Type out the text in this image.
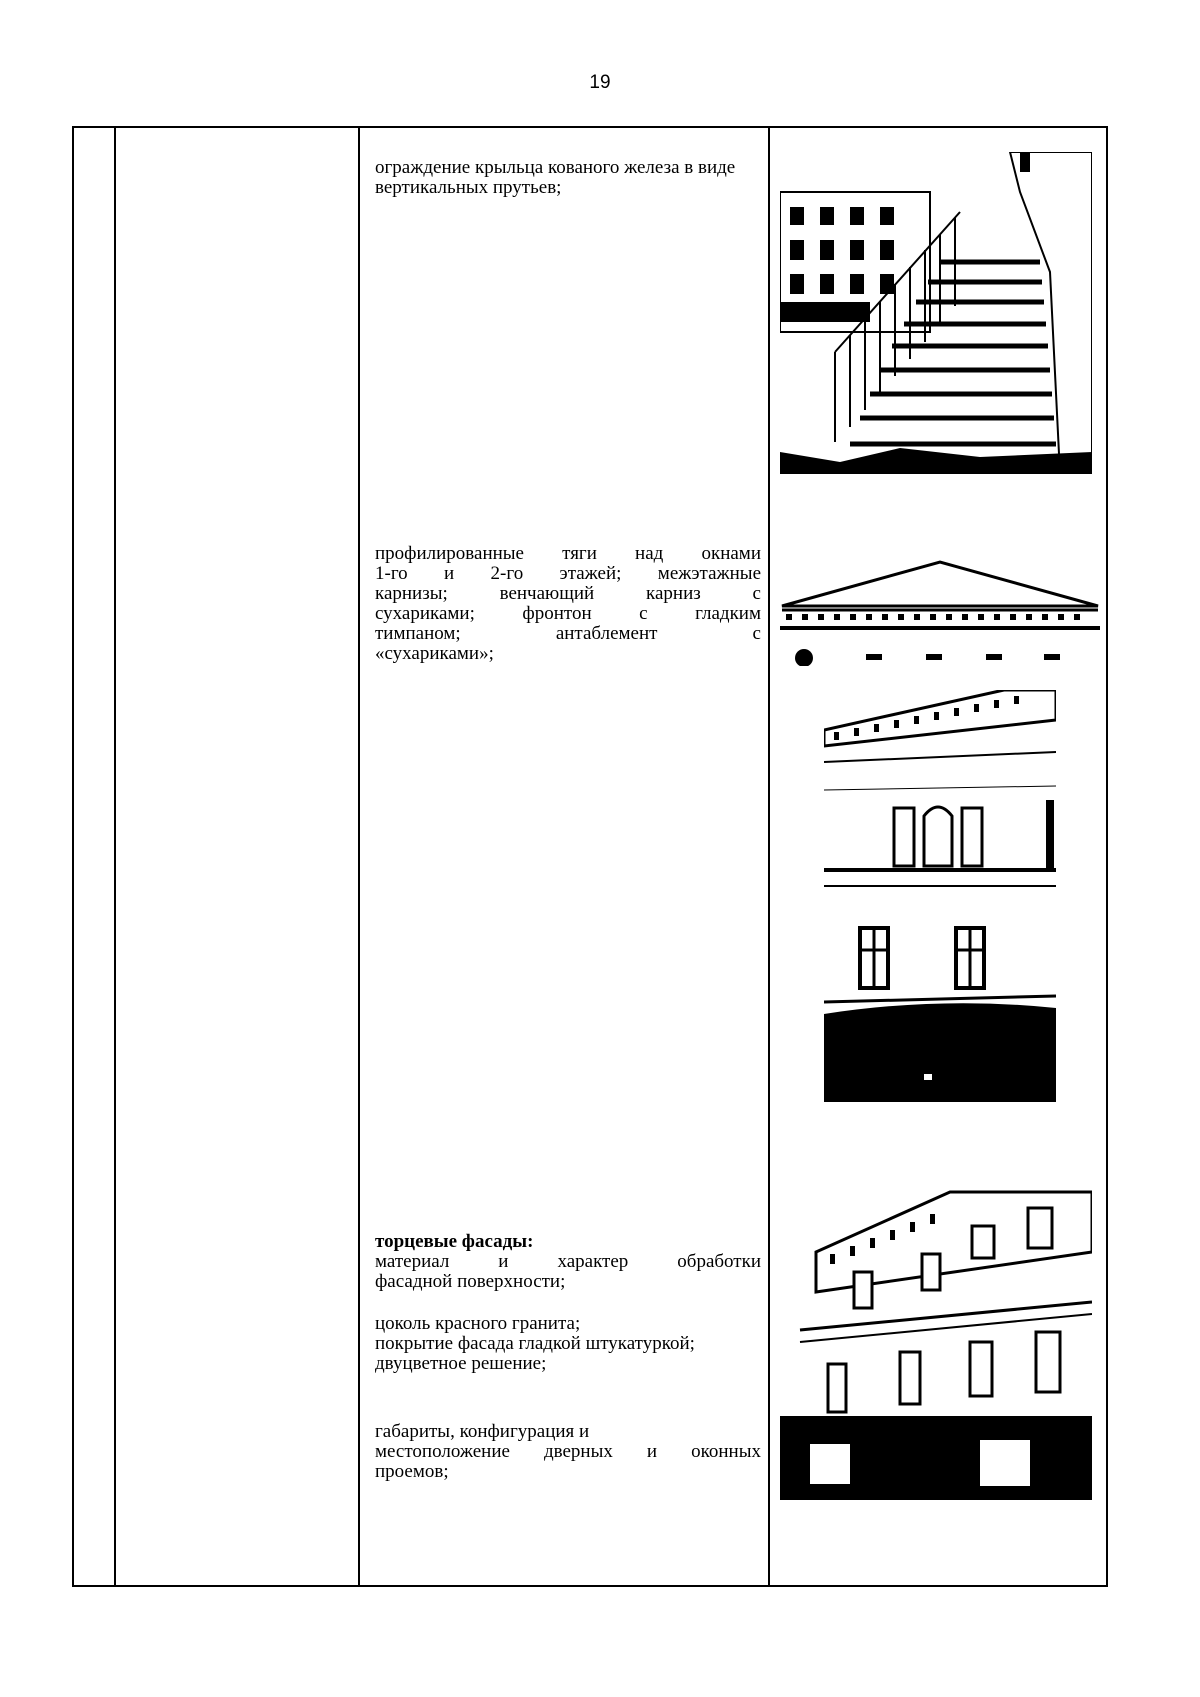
19

ограждение крыльца кованого железа в виде вертикальных прутьев;

профилированные тяги над окнами

1-го и 2-го этажей; межэтажные

карнизы; венчающий карниз с

сухариками; фронтон с гладким

тимпаном; антаблемент с

«сухариками»;

торцевые фасады:

материал и характер обработки

фасадной поверхности;

цоколь красного гранита;

покрытие фасада гладкой штукатуркой;

двуцветное решение;

габариты, конфигурация и

местоположение дверных и оконных

проемов;
